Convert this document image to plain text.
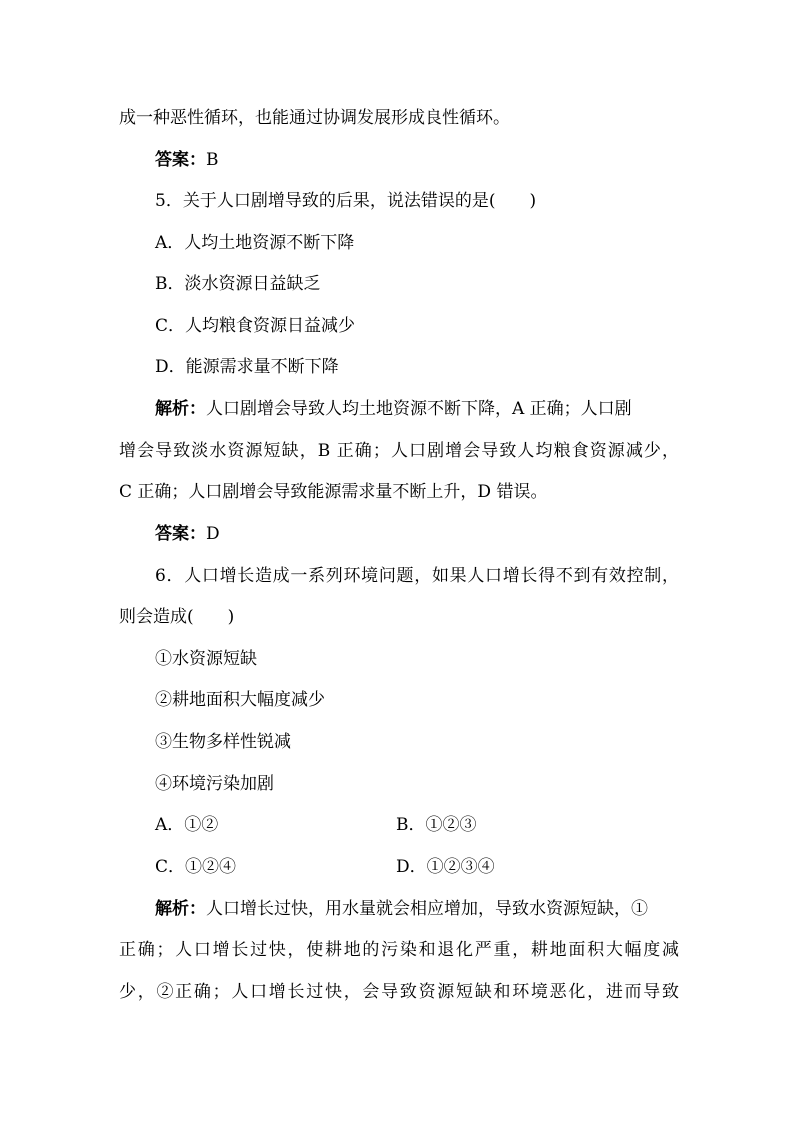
成一种恶性循环，也能通过协调发展形成良性循环。
答案：B
5．关于人口剧增导致的后果，说法错误的是(　　)
A．人均土地资源不断下降
B．淡水资源日益缺乏
C．人均粮食资源日益减少
D．能源需求量不断下降
解析：人口剧增会导致人均土地资源不断下降，A 正确；人口剧
增会导致淡水资源短缺，B 正确；人口剧增会导致人均粮食资源减少，
C 正确；人口剧增会导致能源需求量不断上升，D 错误。
答案：D
6．人口增长造成一系列环境问题，如果人口增长得不到有效控制，
则会造成(　　)
①水资源短缺
②耕地面积大幅度减少
③生物多样性锐减
④环境污染加剧
A．①②	B．①②③
C．①②④	D．①②③④
解析：人口增长过快，用水量就会相应增加，导致水资源短缺，①
正确；人口增长过快，使耕地的污染和退化严重，耕地面积大幅度减
少，②正确；人口增长过快，会导致资源短缺和环境恶化，进而导致
